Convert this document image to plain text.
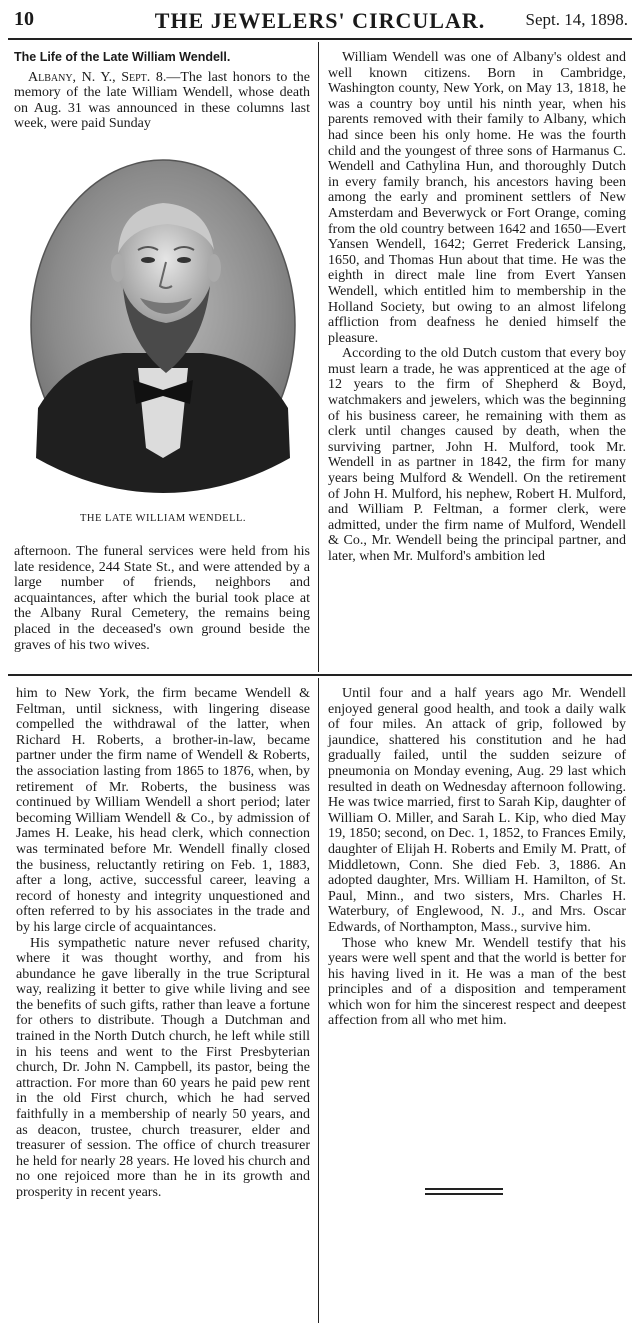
10	THE JEWELERS' CIRCULAR.	Sept. 14, 1898.
The Life of the Late William Wendell.

Albany, N. Y., Sept. 8.—The last honors to the memory of the late William Wendell, whose death on Aug. 31 was announced in these columns last week, were paid Sunday

THE LATE WILLIAM WENDELL.

afternoon. The funeral services were held from his late residence, 244 State St., and were attended by a large number of friends, neighbors and acquaintances, after which the burial took place at the Albany Rural Cemetery, the remains being placed in the deceased's own ground beside the graves of his two wives.

William Wendell was one of Albany's oldest and well known citizens. Born in Cambridge, Washington county, New York, on May 13, 1818, he was a country boy until his ninth year, when his parents removed with their family to Albany, which had since been his only home. He was the fourth child and the youngest of three sons of Harmanus C. Wendell and Cathylina Hun, and thoroughly Dutch in every family branch, his ancestors having been among the early and prominent settlers of New Amsterdam and Beverwyck or Fort Orange, coming from the old country between 1642 and 1650—Evert Yansen Wendell, 1642; Gerret Frederick Lansing, 1650, and Thomas Hun about that time. He was the eighth in direct male line from Evert Yansen Wendell, which entitled him to membership in the Holland Society, but owing to an almost lifelong affliction from deafness he denied himself the pleasure.

According to the old Dutch custom that every boy must learn a trade, he was apprenticed at the age of 12 years to the firm of Shepherd & Boyd, watchmakers and jewelers, which was the beginning of his business career, he remaining with them as clerk until changes caused by death, when the surviving partner, John H. Mulford, took Mr. Wendell in as partner in 1842, the firm for many years being Mulford & Wendell. On the retirement of John H. Mulford, his nephew, Robert H. Mulford, and William P. Feltman, a former clerk, were admitted, under the firm name of Mulford, Wendell & Co., Mr. Wendell being the principal partner, and later, when Mr. Mulford's ambition led

him to New York, the firm became Wendell & Feltman, until sickness, with lingering disease compelled the withdrawal of the latter, when Richard H. Roberts, a brother-in-law, became partner under the firm name of Wendell & Roberts, the association lasting from 1865 to 1876, when, by retirement of Mr. Roberts, the business was continued by William Wendell a short period; later becoming William Wendell & Co., by admission of James H. Leake, his head clerk, which connection was terminated before Mr. Wendell finally closed the business, reluctantly retiring on Feb. 1, 1883, after a long, active, successful career, leaving a record of honesty and integrity unquestioned and often referred to by his associates in the trade and by his large circle of acquaintances.

His sympathetic nature never refused charity, where it was thought worthy, and from his abundance he gave liberally in the true Scriptural way, realizing it better to give while living and see the benefits of such gifts, rather than leave a fortune for others to distribute. Though a Dutchman and trained in the North Dutch church, he left while still in his teens and went to the First Presbyterian church, Dr. John N. Campbell, its pastor, being the attraction. For more than 60 years he paid pew rent in the old First church, which he had served faithfully in a membership of nearly 50 years, and as deacon, trustee, church treasurer, elder and treasurer of session. The office of church treasurer he held for nearly 28 years. He loved his church and no one rejoiced more than he in its growth and prosperity in recent years.

Until four and a half years ago Mr. Wendell enjoyed general good health, and took a daily walk of four miles. An attack of grip, followed by jaundice, shattered his constitution and he had gradually failed, until the sudden seizure of pneumonia on Monday evening, Aug. 29 last which resulted in death on Wednesday afternoon following. He was twice married, first to Sarah Kip, daughter of William O. Miller, and Sarah L. Kip, who died May 19, 1850; second, on Dec. 1, 1852, to Frances Emily, daughter of Elijah H. Roberts and Emily M. Pratt, of Middletown, Conn. She died Feb. 3, 1886. An adopted daughter, Mrs. William H. Hamilton, of St. Paul, Minn., and two sisters, Mrs. Charles H. Waterbury, of Englewood, N. J., and Mrs. Oscar Edwards, of Northampton, Mass., survive him.

Those who knew Mr. Wendell testify that his years were well spent and that the world is better for his having lived in it. He was a man of the best principles and of a disposition and temperament which won for him the sincerest respect and deepest affection from all who met him.
